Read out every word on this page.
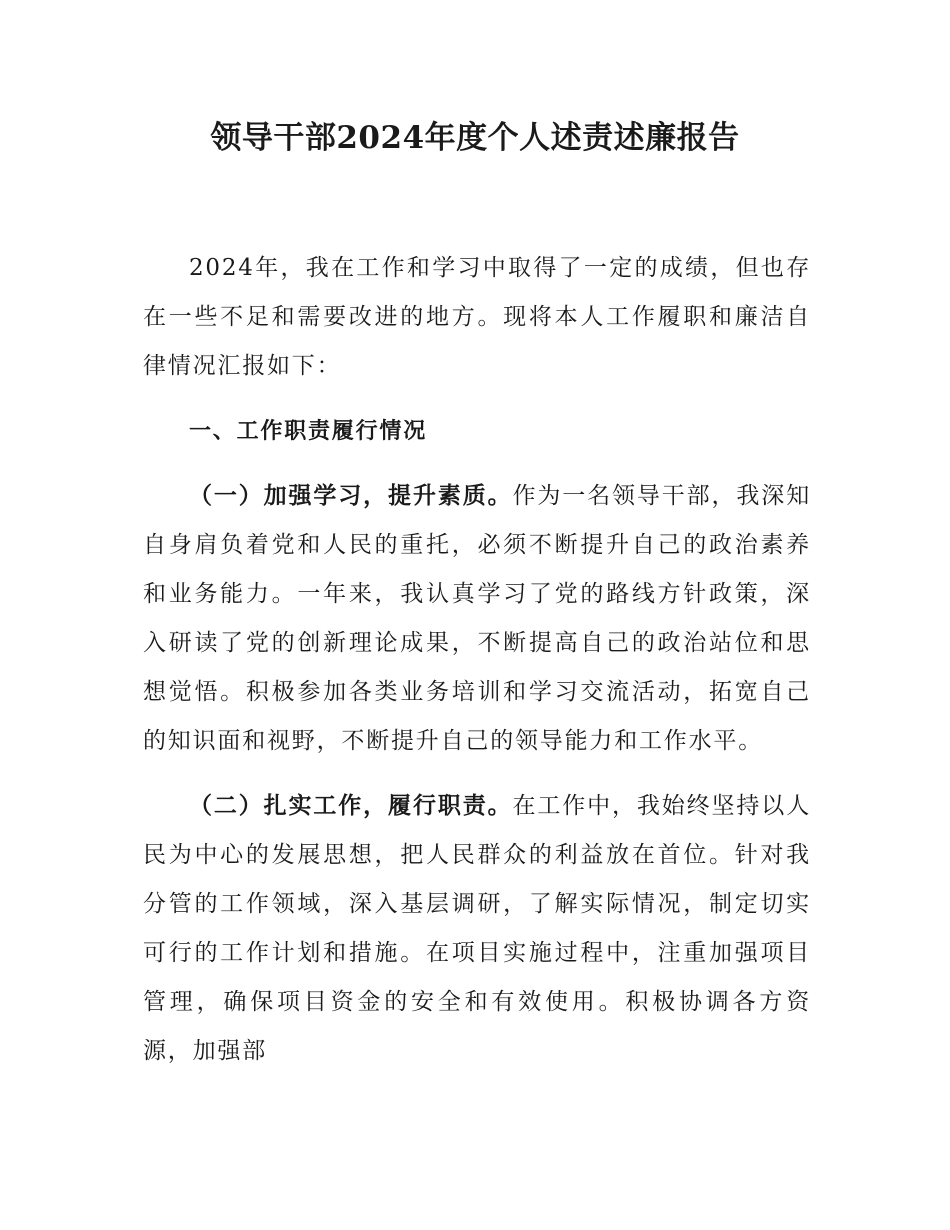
领导干部2024年度个人述责述廉报告

2024年，我在工作和学习中取得了一定的成绩，但也存在一些不足和需要改进的地方。现将本人工作履职和廉洁自律情况汇报如下：

一、工作职责履行情况

（一）加强学习，提升素质。作为一名领导干部，我深知自身肩负着党和人民的重托，必须不断提升自己的政治素养和业务能力。一年来，我认真学习了党的路线方针政策，深入研读了党的创新理论成果，不断提高自己的政治站位和思想觉悟。积极参加各类业务培训和学习交流活动，拓宽自己的知识面和视野，不断提升自己的领导能力和工作水平。

（二）扎实工作，履行职责。在工作中，我始终坚持以人民为中心的发展思想，把人民群众的利益放在首位。针对我分管的工作领域，深入基层调研，了解实际情况，制定切实可行的工作计划和措施。在项目实施过程中，注重加强项目管理，确保项目资金的安全和有效使用。积极协调各方资源，加强部
